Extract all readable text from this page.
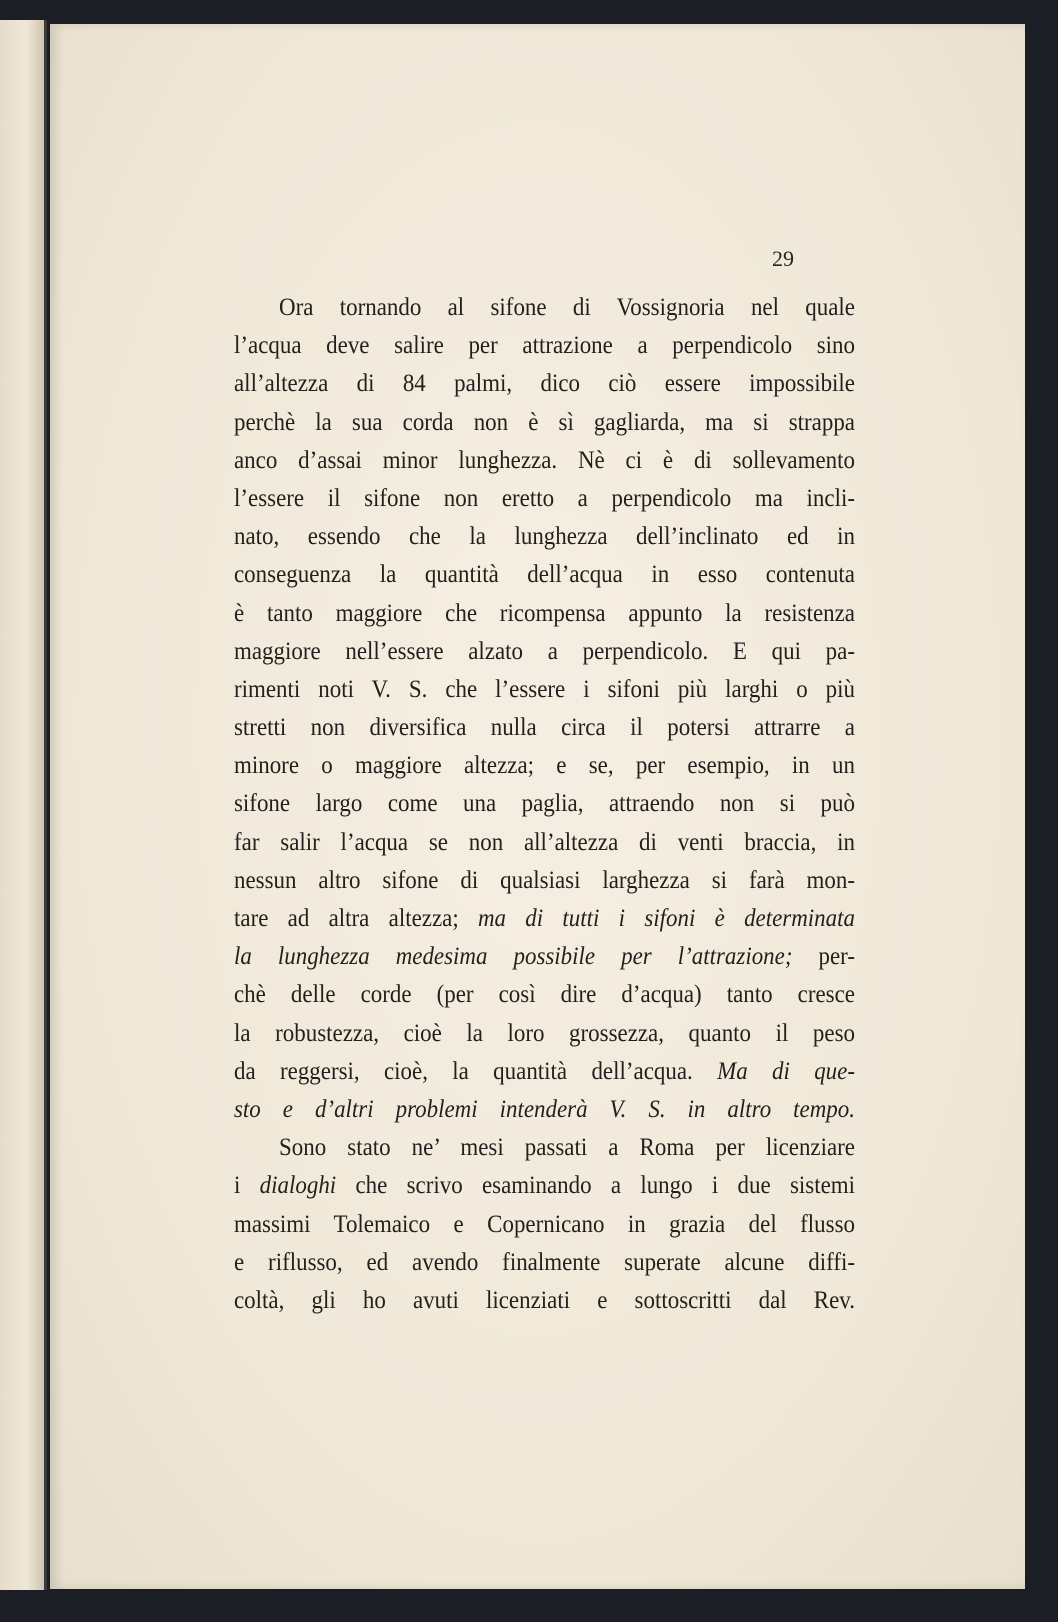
29
Ora tornando al sifone di Vossignoria nel quale
l’acqua deve salire per attrazione a perpendicolo sino
all’altezza di 84 palmi, dico ciò essere impossibile
perchè la sua corda non è sì gagliarda, ma si strappa
anco d’assai minor lunghezza. Nè ci è di sollevamento
l’essere il sifone non eretto a perpendicolo ma incli-
nato, essendo che la lunghezza dell’inclinato ed in
conseguenza la quantità dell’acqua in esso contenuta
è tanto maggiore che ricompensa appunto la resistenza
maggiore nell’essere alzato a perpendicolo. E qui pa-
rimenti noti V. S. che l’essere i sifoni più larghi o più
stretti non diversifica nulla circa il potersi attrarre a
minore o maggiore altezza; e se, per esempio, in un
sifone largo come una paglia, attraendo non si può
far salir l’acqua se non all’altezza di venti braccia, in
nessun altro sifone di qualsiasi larghezza si farà mon-
tare ad altra altezza; ma di tutti i sifoni è determinata
la lunghezza medesima possibile per l’attrazione; per-
chè delle corde (per così dire d’acqua) tanto cresce
la robustezza, cioè la loro grossezza, quanto il peso
da reggersi, cioè, la quantità dell’acqua. Ma di que-
sto e d’altri problemi intenderà V. S. in altro tempo.
Sono stato ne’ mesi passati a Roma per licenziare
i dialoghi che scrivo esaminando a lungo i due sistemi
massimi Tolemaico e Copernicano in grazia del flusso
e riflusso, ed avendo finalmente superate alcune diffi-
coltà, gli ho avuti licenziati e sottoscritti dal Rev.
